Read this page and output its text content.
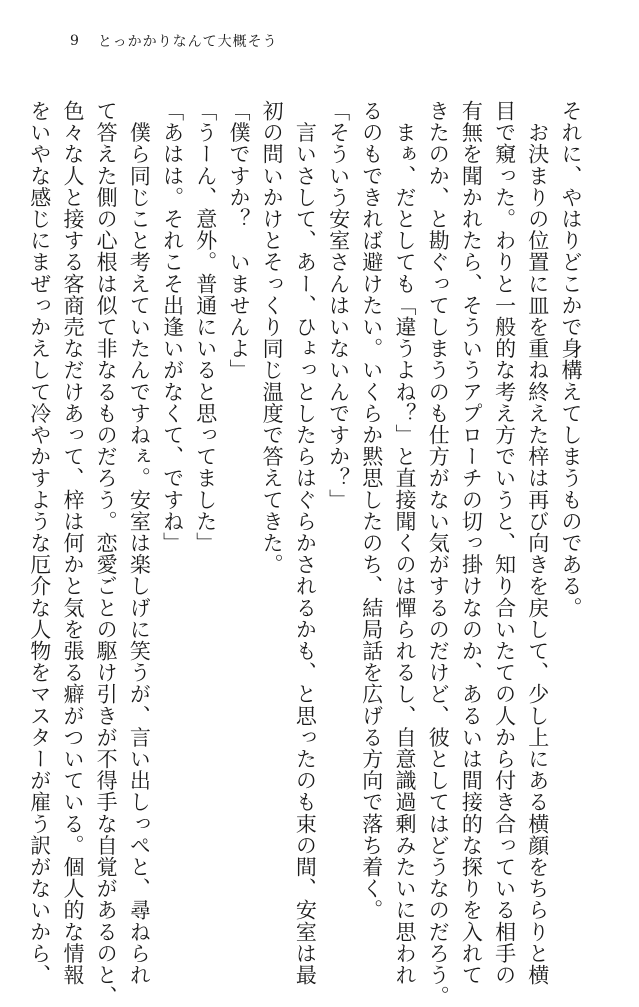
9 とっかかりなんて大概そう

それに、やはりどこかで身構えてしまうものである。

　お決まりの位置に皿を重ね終えた梓は再び向きを戻して、少し上にある横顔をちらりと横

目で窺った。わりと一般的な考え方でいうと、知り合いたての人から付き合っている相手の

有無を聞かれたら、そういうアプローチの切っ掛けなのか、あるいは間接的な探りを入れて

きたのか、と勘ぐってしまうのも仕方がない気がするのだけど、彼としてはどうなのだろう。

　まぁ、だとしても「違うよね？」と直接聞くのは憚られるし、自意識過剰みたいに思われ

るのもできれば避けたい。いくらか黙思したのち、結局話を広げる方向で落ち着く。

「そういう安室さんはいないんですか？」

　言いさして、あー、ひょっとしたらはぐらかされるかも、と思ったのも束の間、安室は最

初の問いかけとそっくり同じ温度で答えてきた。

「僕ですか？　いませんよ」

「うーん、意外。普通にいると思ってました」

「あはは。それこそ出逢いがなくて、ですね」

　僕ら同じこと考えていたんですねぇ。安室は楽しげに笑うが、言い出しっぺと、尋ねられ

て答えた側の心根は似て非なるものだろう。恋愛ごとの駆け引きが不得手な自覚があるのと、

色々な人と接する客商売なだけあって、梓は何かと気を張る癖がついている。個人的な情報

をいやな感じにまぜっかえして冷やかすような厄介な人物をマスターが雇う訳がないから、
